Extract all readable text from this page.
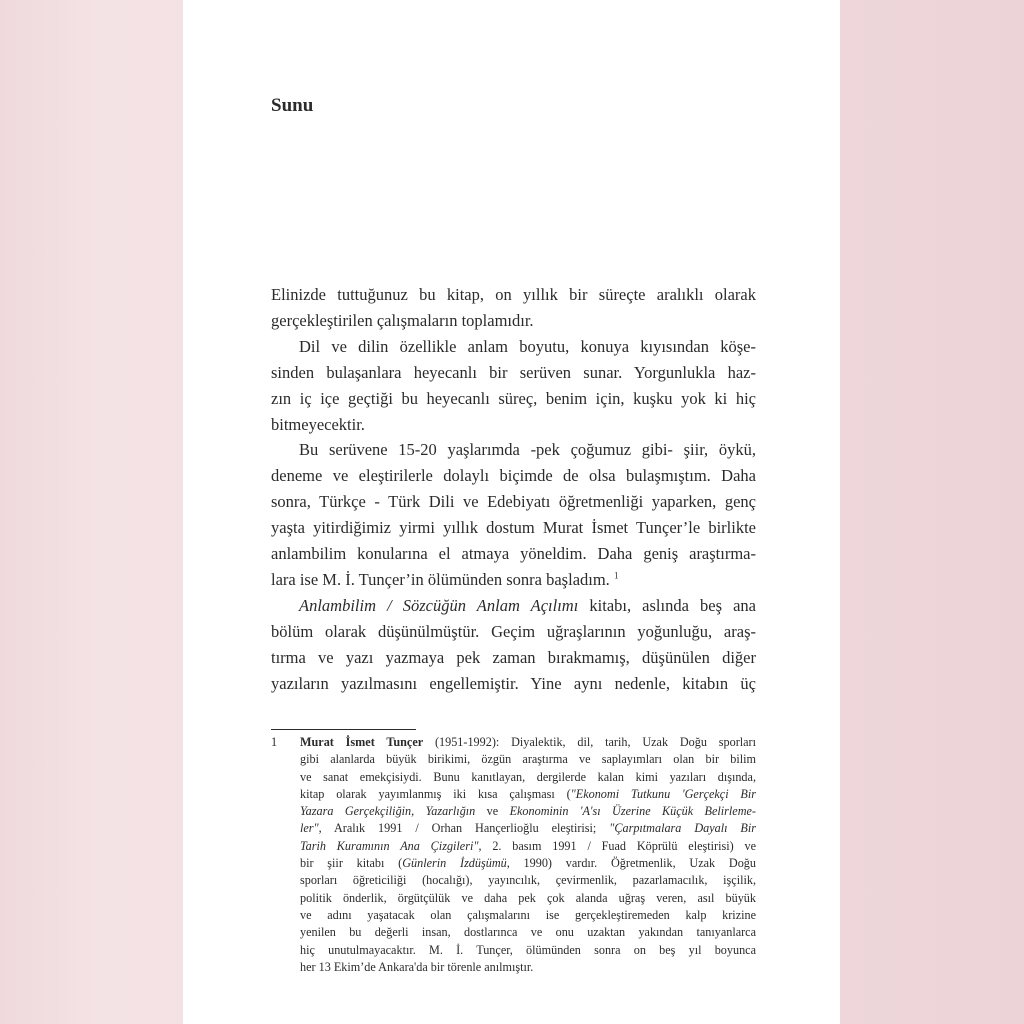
Sunu
Elinizde tuttuğunuz bu kitap, on yıllık bir süreçte aralıklı olarak
gerçekleştirilen çalışmaların toplamıdır.
Dil ve dilin özellikle anlam boyutu, konuya kıyısından köşe-
sinden bulaşanlara heyecanlı bir serüven sunar. Yorgunlukla haz-
zın iç içe geçtiği bu heyecanlı süreç, benim için, kuşku yok ki hiç
bitmeyecektir.
Bu serüvene 15-20 yaşlarımda -pek çoğumuz gibi- şiir, öykü,
deneme ve eleştirilerle dolaylı biçimde de olsa bulaşmıştım. Daha
sonra, Türkçe - Türk Dili ve Edebiyatı öğretmenliği yaparken, genç
yaşta yitirdiğimiz yirmi yıllık dostum Murat İsmet Tunçer’le birlikte
anlambilim konularına el atmaya yöneldim. Daha geniş araştırma-
lara ise M. İ. Tunçer’in ölümünden sonra başladım. $^1$
Anlambilim / Sözcüğün Anlam Açılımı kitabı, aslında beş ana
bölüm olarak düşünülmüştür. Geçim uğraşlarının yoğunluğu, araş-
tırma ve yazı yazmaya pek zaman bırakmamış, düşünülen diğer
yazıların yazılmasını engellemiştir. Yine aynı nedenle, kitabın üç
1 Murat İsmet Tunçer (1951-1992): Diyalektik, dil, tarih, Uzak Doğu sporları
gibi alanlarda büyük birikimi, özgün araştırma ve saplayımları olan bir bilim
ve sanat emekçisiydi. Bunu kanıtlayan, dergilerde kalan kimi yazıları dışında,
kitap olarak yayımlanmış iki kısa çalışması ("Ekonomi Tutkunu 'Gerçekçi Bir
Yazara Gerçekçiliğin, Yazarlığın ve Ekonominin 'A'sı Üzerine Küçük Belirleme-
ler", Aralık 1991 / Orhan Hançerlioğlu eleştirisi; "Çarpıtmalara Dayalı Bir
Tarih Kuramının Ana Çizgileri", 2. basım 1991 / Fuad Köprülü eleştirisi) ve
bir şiir kitabı (Günlerin İzdüşümü, 1990) vardır. Öğretmenlik, Uzak Doğu
sporları öğreticiliği (hocalığı), yayıncılık, çevirmenlik, pazarlamacılık, işçilik,
politik önderlik, örgütçülük ve daha pek çok alanda uğraş veren, asıl büyük
ve adını yaşatacak olan çalışmalarını ise gerçekleştiremeden kalp krizine
yenilen bu değerli insan, dostlarınca ve onu uzaktan yakından tanıyanlarca
hiç unutulmayacaktır. M. İ. Tunçer, ölümünden sonra on beş yıl boyunca
her 13 Ekim’de Ankara'da bir törenle anılmıştır.
